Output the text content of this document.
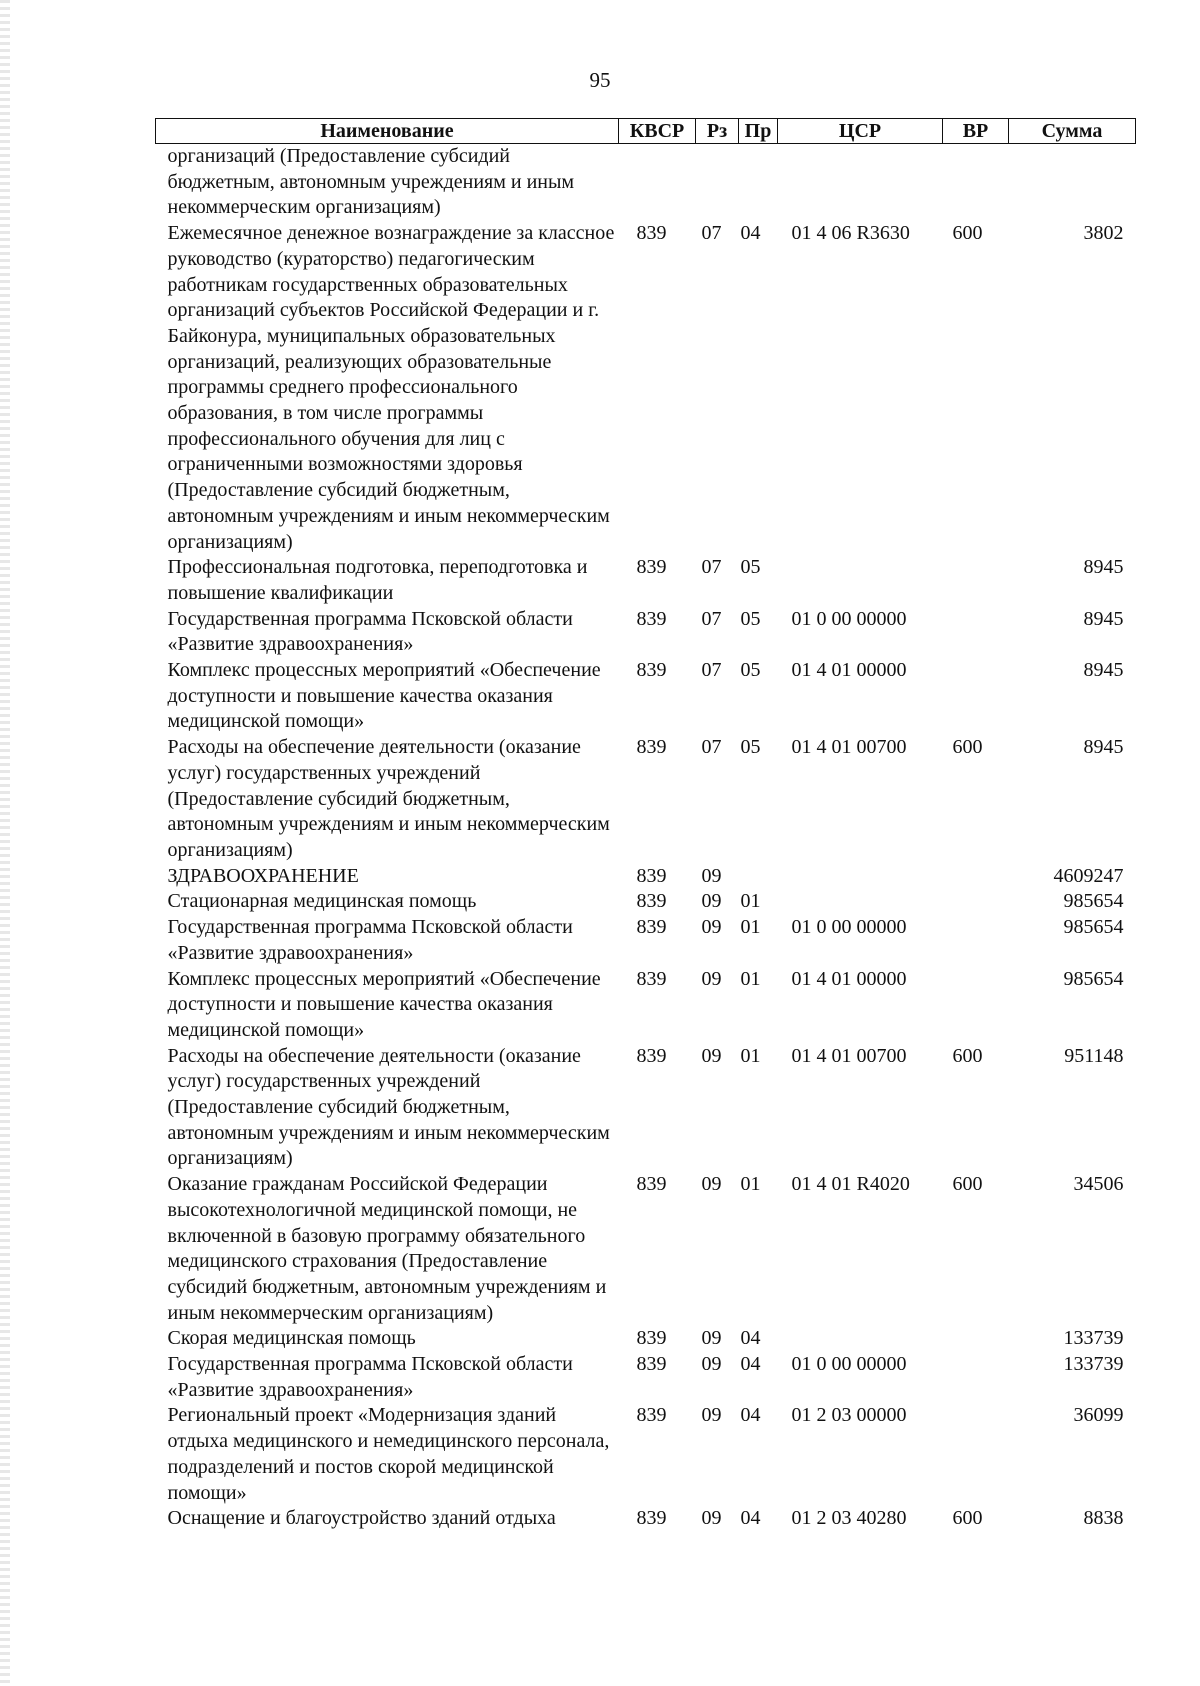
95
Наименование	КВСР	Рз	Пр	ЦСР	ВР	Сумма
организаций (Предоставление субсидий бюджетным, автономным учреждениям и иным некоммерческим организациям)						
Ежемесячное денежное вознаграждение за классное руководство (кураторство) педагогическим работникам государственных образовательных организаций субъектов Российской Федерации и г. Байконура, муниципальных образовательных организаций, реализующих образовательные программы среднего профессионального образования, в том числе программы профессионального обучения для лиц с ограниченными возможностями здоровья (Предоставление субсидий бюджетным, автономным учреждениям и иным некоммерческим организациям)	839	07	04	01 4 06 R3630	600	3802
Профессиональная подготовка, переподготовка и повышение квалификации	839	07	05			8945
Государственная программа Псковской области «Развитие здравоохранения»	839	07	05	01 0 00 00000		8945
Комплекс процессных мероприятий «Обеспечение доступности и повышение качества оказания медицинской помощи»	839	07	05	01 4 01 00000		8945
Расходы на обеспечение деятельности (оказание услуг) государственных учреждений (Предоставление субсидий бюджетным, автономным учреждениям и иным некоммерческим организациям)	839	07	05	01 4 01 00700	600	8945
ЗДРАВООХРАНЕНИЕ	839	09				4609247
Стационарная медицинская помощь	839	09	01			985654
Государственная программа Псковской области «Развитие здравоохранения»	839	09	01	01 0 00 00000		985654
Комплекс процессных мероприятий «Обеспечение доступности и повышение качества оказания медицинской помощи»	839	09	01	01 4 01 00000		985654
Расходы на обеспечение деятельности (оказание услуг) государственных учреждений (Предоставление субсидий бюджетным, автономным учреждениям и иным некоммерческим организациям)	839	09	01	01 4 01 00700	600	951148
Оказание гражданам Российской Федерации высокотехнологичной медицинской помощи, не включенной в базовую программу обязательного медицинского страхования (Предоставление субсидий бюджетным, автономным учреждениям и иным некоммерческим организациям)	839	09	01	01 4 01 R4020	600	34506
Скорая медицинская помощь	839	09	04			133739
Государственная программа Псковской области «Развитие здравоохранения»	839	09	04	01 0 00 00000		133739
Региональный проект «Модернизация зданий отдыха медицинского и немедицинского персонала, подразделений и постов скорой медицинской помощи»	839	09	04	01 2 03 00000		36099
Оснащение и благоустройство зданий отдыха	839	09	04	01 2 03 40280	600	8838
